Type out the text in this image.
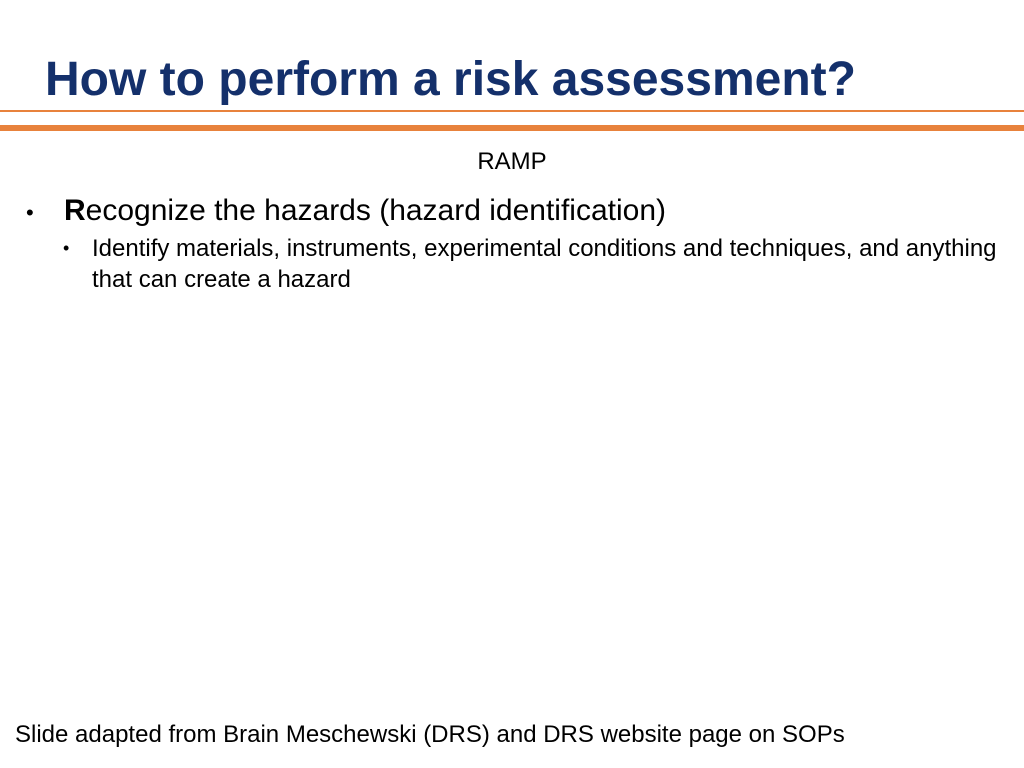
How to perform a risk assessment?
RAMP
•	Recognize the hazards (hazard identification)
• Identify materials, instruments, experimental conditions and techniques, and anything that can create a hazard
Slide adapted from Brain Meschewski (DRS) and DRS website page on SOPs
